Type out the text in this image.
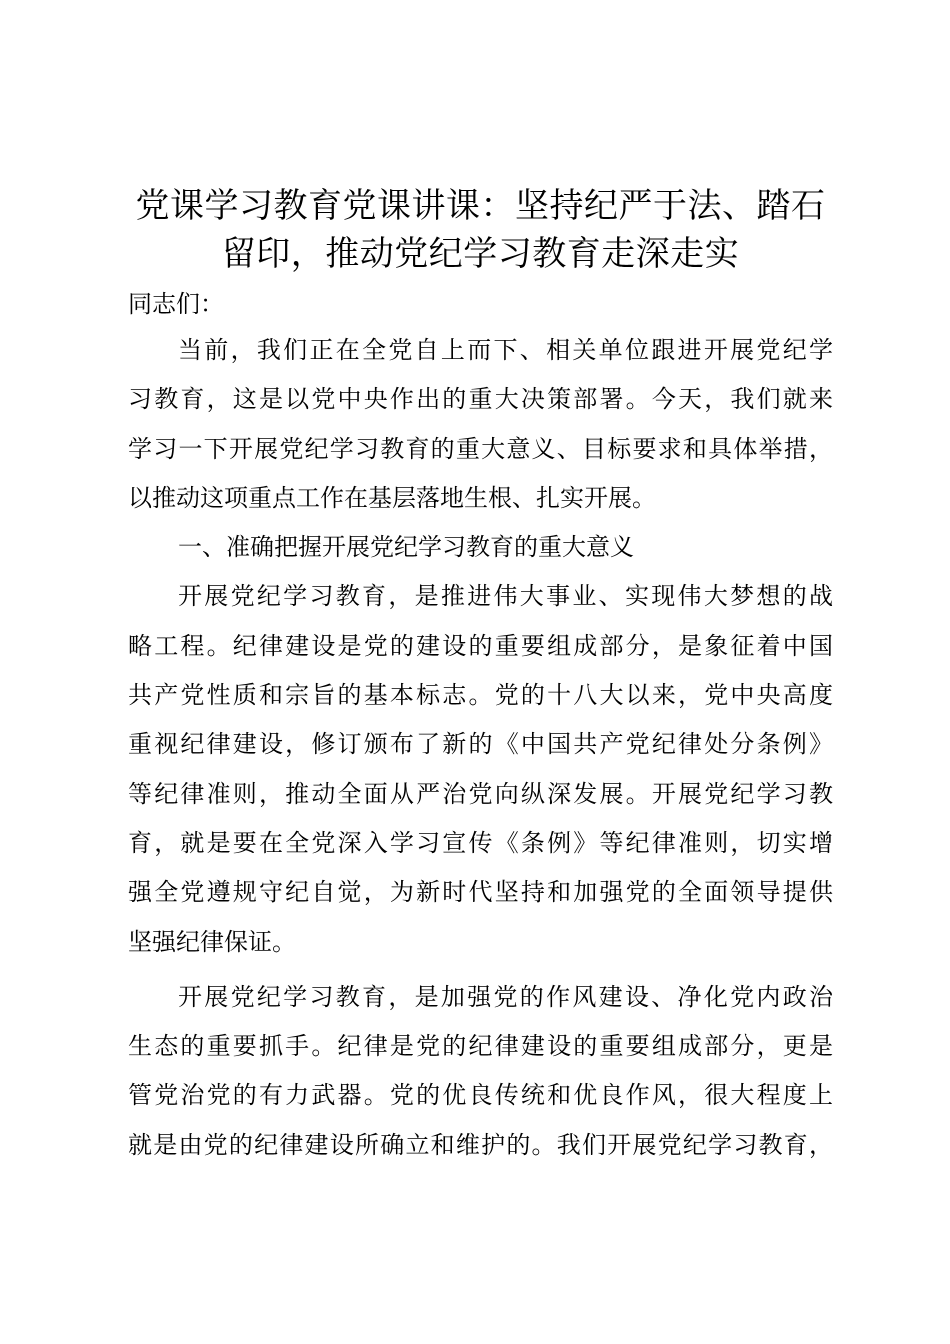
党课学习教育党课讲课：坚持纪严于法、踏石
留印，推动党纪学习教育走深走实

同志们：

当前，我们正在全党自上而下、相关单位跟进开展党纪学
习教育，这是以党中央作出的重大决策部署。今天，我们就来
学习一下开展党纪学习教育的重大意义、目标要求和具体举措，
以推动这项重点工作在基层落地生根、扎实开展。

一、准确把握开展党纪学习教育的重大意义

开展党纪学习教育，是推进伟大事业、实现伟大梦想的战
略工程。纪律建设是党的建设的重要组成部分，是象征着中国
共产党性质和宗旨的基本标志。党的十八大以来，党中央高度
重视纪律建设，修订颁布了新的《中国共产党纪律处分条例》
等纪律准则，推动全面从严治党向纵深发展。开展党纪学习教
育，就是要在全党深入学习宣传《条例》等纪律准则，切实增
强全党遵规守纪自觉，为新时代坚持和加强党的全面领导提供
坚强纪律保证。

开展党纪学习教育，是加强党的作风建设、净化党内政治
生态的重要抓手。纪律是党的纪律建设的重要组成部分，更是
管党治党的有力武器。党的优良传统和优良作风，很大程度上
就是由党的纪律建设所确立和维护的。我们开展党纪学习教育，
